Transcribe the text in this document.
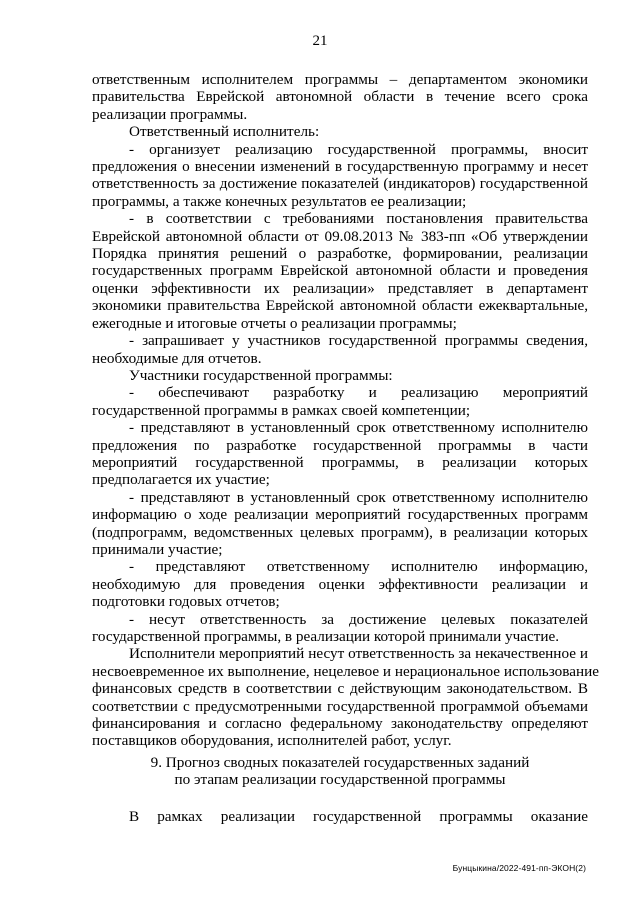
21
ответственным исполнителем программы – департаментом экономики
правительства Еврейской автономной области в течение всего срока
реализации программы.
Ответственный исполнитель:
- организует реализацию государственной программы, вносит
предложения о внесении изменений в государственную программу и несет
ответственность за достижение показателей (индикаторов) государственной
программы, а также конечных результатов ее реализации;
- в соответствии с требованиями постановления правительства
Еврейской автономной области от 09.08.2013 № 383-пп «Об утверждении
Порядка принятия решений о разработке, формировании, реализации
государственных программ Еврейской автономной области и проведения
оценки эффективности их реализации» представляет в департамент
экономики правительства Еврейской автономной области ежеквартальные,
ежегодные и итоговые отчеты о реализации программы;
- запрашивает у участников государственной программы сведения,
необходимые для отчетов.
Участники государственной программы:
- обеспечивают разработку и реализацию мероприятий
государственной программы в рамках своей компетенции;
- представляют в установленный срок ответственному исполнителю
предложения по разработке государственной программы в части
мероприятий государственной программы, в реализации которых
предполагается их участие;
- представляют в установленный срок ответственному исполнителю
информацию о ходе реализации мероприятий государственных программ
(подпрограмм, ведомственных целевых программ), в реализации которых
принимали участие;
- представляют ответственному исполнителю информацию,
необходимую для проведения оценки эффективности реализации и
подготовки годовых отчетов;
- несут ответственность за достижение целевых показателей
государственной программы, в реализации которой принимали участие.
Исполнители мероприятий несут ответственность за некачественное и
несвоевременное их выполнение, нецелевое и нерациональное использование
финансовых средств в соответствии с действующим законодательством. В
соответствии с предусмотренными государственной программой объемами
финансирования и согласно федеральному законодательству определяют
поставщиков оборудования, исполнителей работ, услуг.
9. Прогноз сводных показателей государственных заданий
по этапам реализации государственной программы
В рамках реализации государственной программы оказание
Бунцыкина/2022-491-пп-ЭКОН(2)
